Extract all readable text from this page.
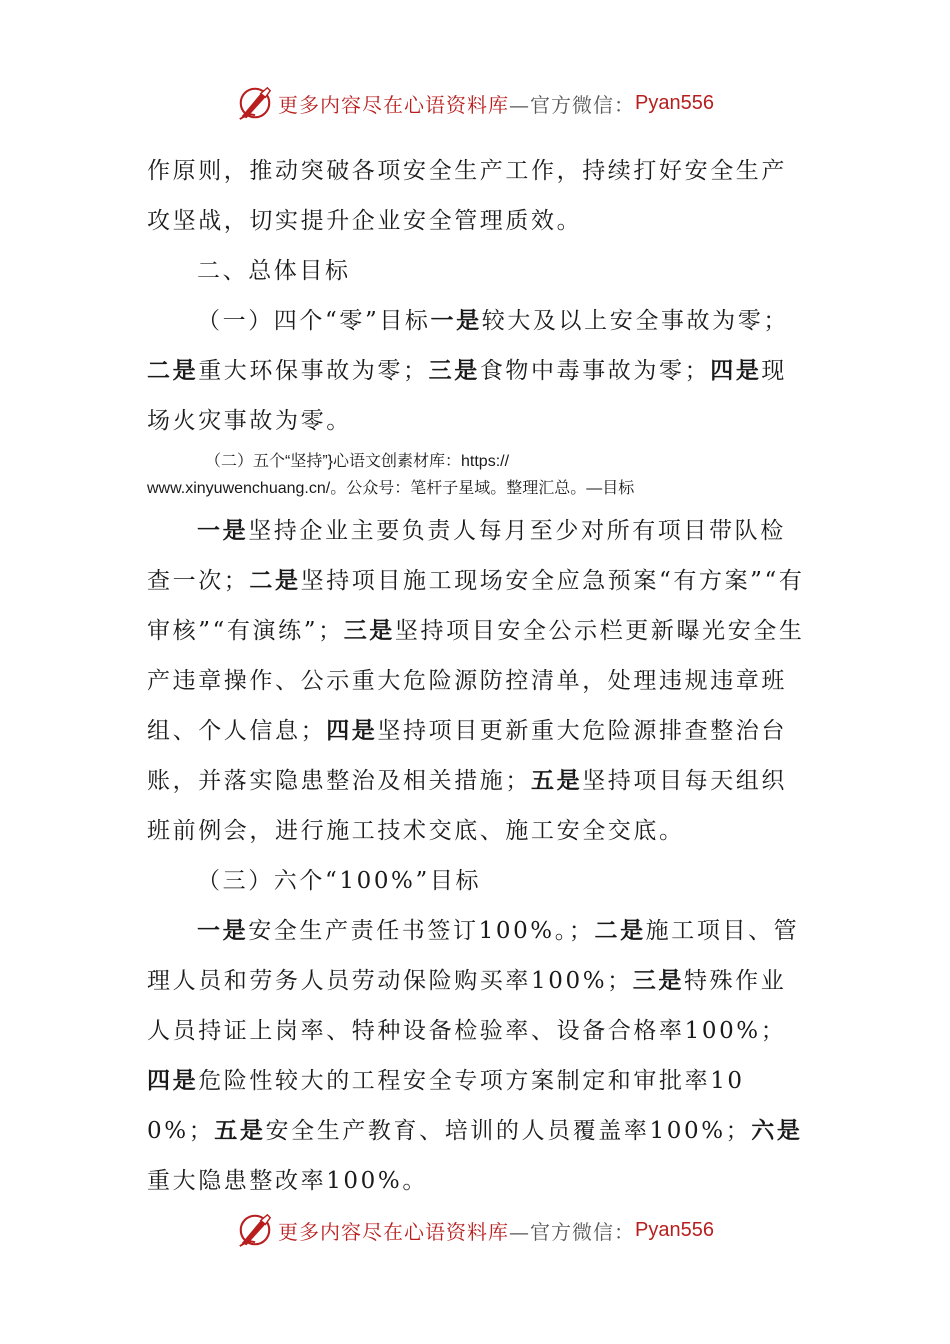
更多内容尽在心语资料库 —官方微信： Pyan556

作原则，推动突破各项安全生产工作，持续打好安全生产攻坚战，切实提升企业安全管理质效。

二、总体目标

（一）四个“零”目标一是较大及以上安全事故为零；二是重大环保事故为零；三是食物中毒事故为零；四是现场火灾事故为零。

（二）五个“坚持”}心语文创素材库：https://
www.xinyuwenchuang.cn/。公众号：笔杆子星域。整理汇总。—目标

一是坚持企业主要负责人每月至少对所有项目带队检查一次；二是坚持项目施工现场安全应急预案“有方案”“有审核”“有演练”；三是坚持项目安全公示栏更新曝光安全生产违章操作、公示重大危险源防控清单，处理违规违章班组、个人信息；四是坚持项目更新重大危险源排查整治台账，并落实隐患整治及相关措施；五是坚持项目每天组织班前例会，进行施工技术交底、施工安全交底。

（三）六个“100%”目标

一是安全生产责任书签订100%。；二是施工项目、管理人员和劳务人员劳动保险购买率100%；三是特殊作业人员持证上岗率、特种设备检验率、设备合格率100%；四是危险性较大的工程安全专项方案制定和审批率100%；五是安全生产教育、培训的人员覆盖率100%；六是重大隐患整改率100%。

更多内容尽在心语资料库 —官方微信： Pyan556
